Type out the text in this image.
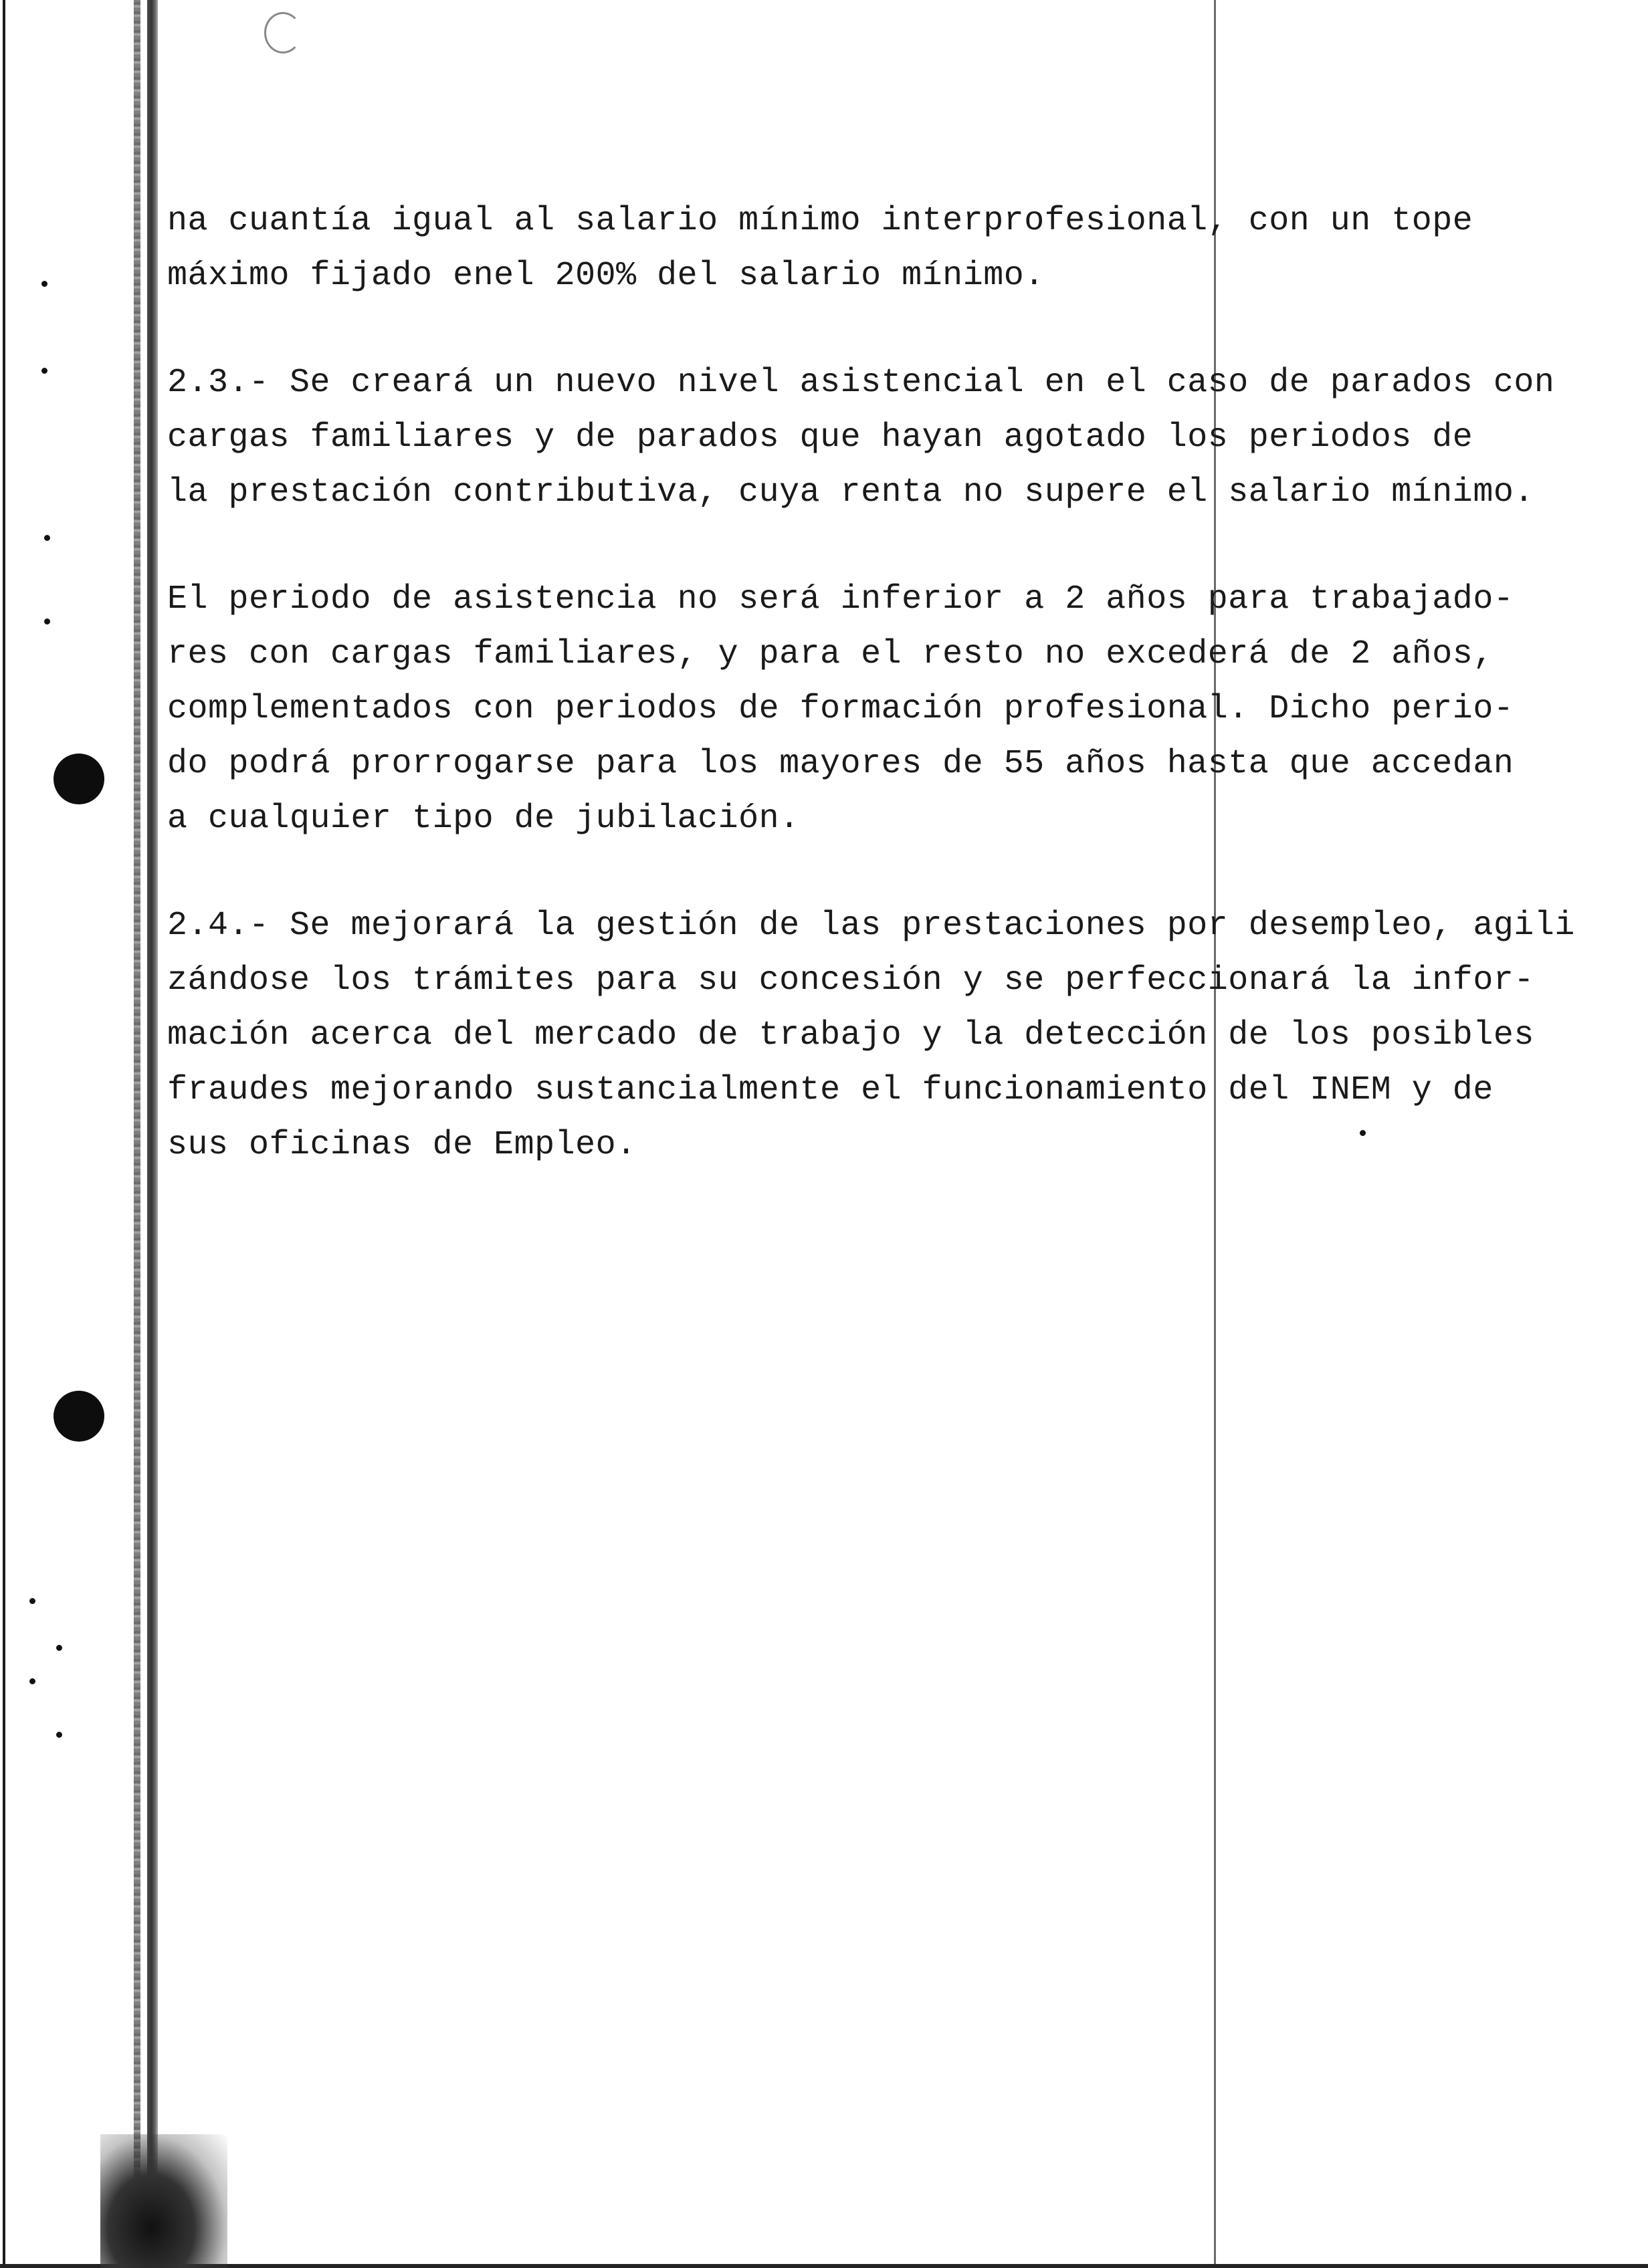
na cuantía igual al salario mínimo interprofesional, con un tope
máximo fijado enel 200% del salario mínimo.
2.3.- Se creará un nuevo nivel asistencial en el caso de parados con
cargas familiares y de parados que hayan agotado los periodos de
la prestación contributiva, cuya renta no supere el salario mínimo.
El periodo de asistencia no será inferior a 2 años para trabajado-
res con cargas familiares, y para el resto no excederá de 2 años,
complementados con periodos de formación profesional. Dicho perio-
do podrá prorrogarse para los mayores de 55 años hasta que accedan
a cualquier tipo de jubilación.
2.4.- Se mejorará la gestión de las prestaciones por desempleo, agili
zándose los trámites para su concesión y se perfeccionará la infor-
mación acerca del mercado de trabajo y la detección de los posibles
fraudes mejorando sustancialmente el funcionamiento del INEM y de
sus oficinas de Empleo.
